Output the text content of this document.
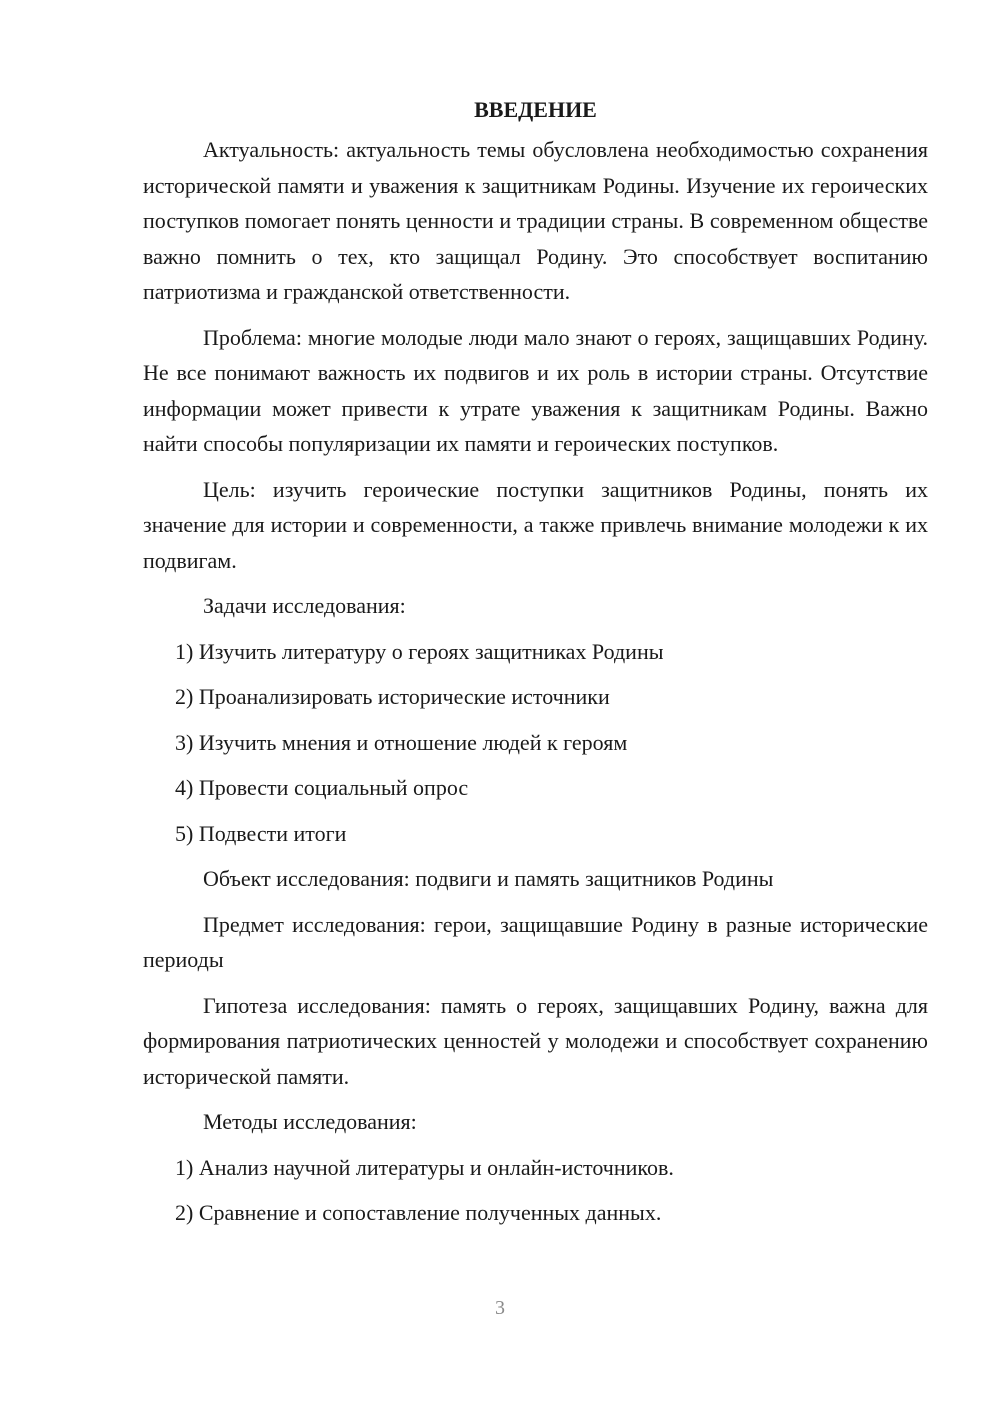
ВВЕДЕНИЕ

Актуальность: актуальность темы обусловлена необходимостью сохранения исторической памяти и уважения к защитникам Родины. Изучение их героических поступков помогает понять ценности и традиции страны. В современном обществе важно помнить о тех, кто защищал Родину. Это способствует воспитанию патриотизма и гражданской ответственности.

Проблема: многие молодые люди мало знают о героях, защищавших Родину. Не все понимают важность их подвигов и их роль в истории страны. Отсутствие информации может привести к утрате уважения к защитникам Родины. Важно найти способы популяризации их памяти и героических поступков.

Цель: изучить героические поступки защитников Родины, понять их значение для истории и современности, а также привлечь внимание молодежи к их подвигам.

Задачи исследования:

1) Изучить литературу о героях защитниках Родины
2) Проанализировать исторические источники
3) Изучить мнения и отношение людей к героям
4) Провести социальный опрос
5) Подвести итоги

Объект исследования: подвиги и память защитников Родины

Предмет исследования: герои, защищавшие Родину в разные исторические периоды

Гипотеза исследования: память о героях, защищавших Родину, важна для формирования патриотических ценностей у молодежи и способствует сохранению исторической памяти.

Методы исследования:

1) Анализ научной литературы и онлайн-источников.
2) Сравнение и сопоставление полученных данных.
3
